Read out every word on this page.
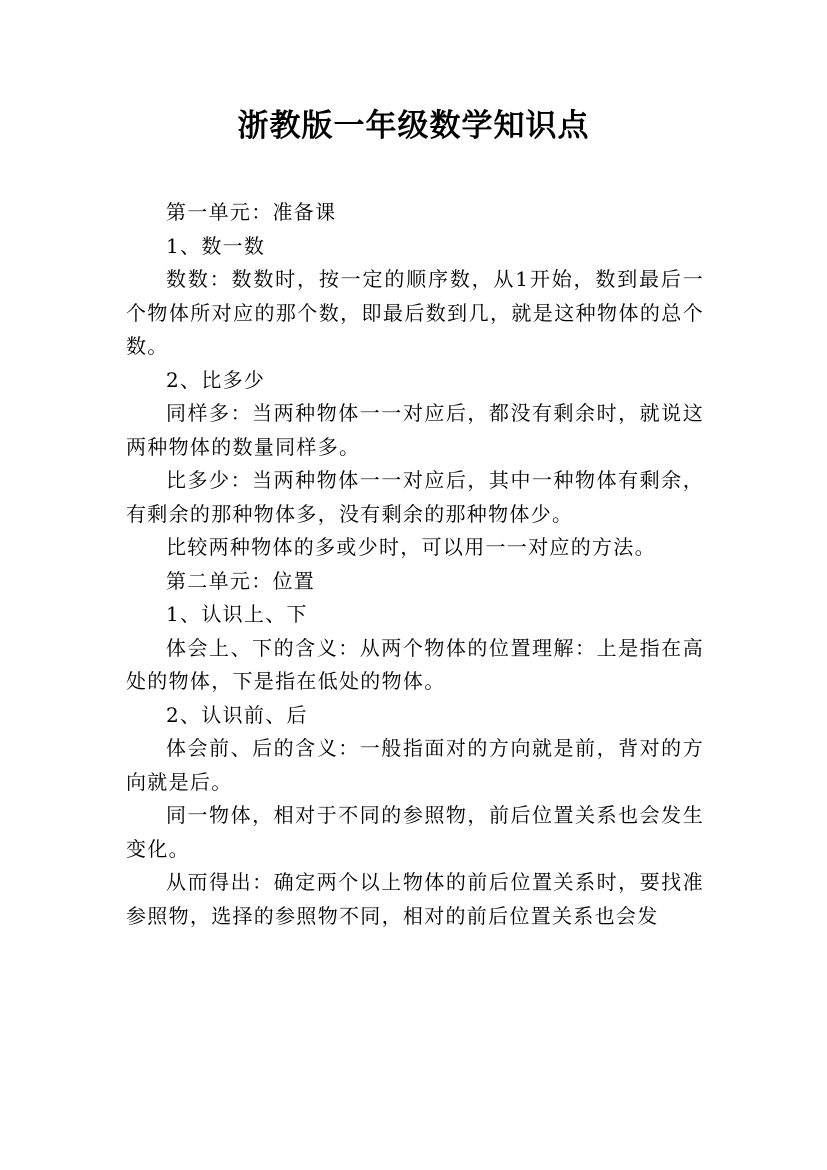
浙教版一年级数学知识点

第一单元：准备课

1、数一数

数数：数数时，按一定的顺序数，从1开始，数到最后一个物体所对应的那个数，即最后数到几，就是这种物体的总个数。

2、比多少

同样多：当两种物体一一对应后，都没有剩余时，就说这两种物体的数量同样多。

比多少：当两种物体一一对应后，其中一种物体有剩余，有剩余的那种物体多，没有剩余的那种物体少。

比较两种物体的多或少时，可以用一一对应的方法。

第二单元：位置

1、认识上、下

体会上、下的含义：从两个物体的位置理解：上是指在高处的物体，下是指在低处的物体。

2、认识前、后

体会前、后的含义：一般指面对的方向就是前，背对的方向就是后。

同一物体，相对于不同的参照物，前后位置关系也会发生变化。

从而得出：确定两个以上物体的前后位置关系时，要找准参照物，选择的参照物不同，相对的前后位置关系也会发
